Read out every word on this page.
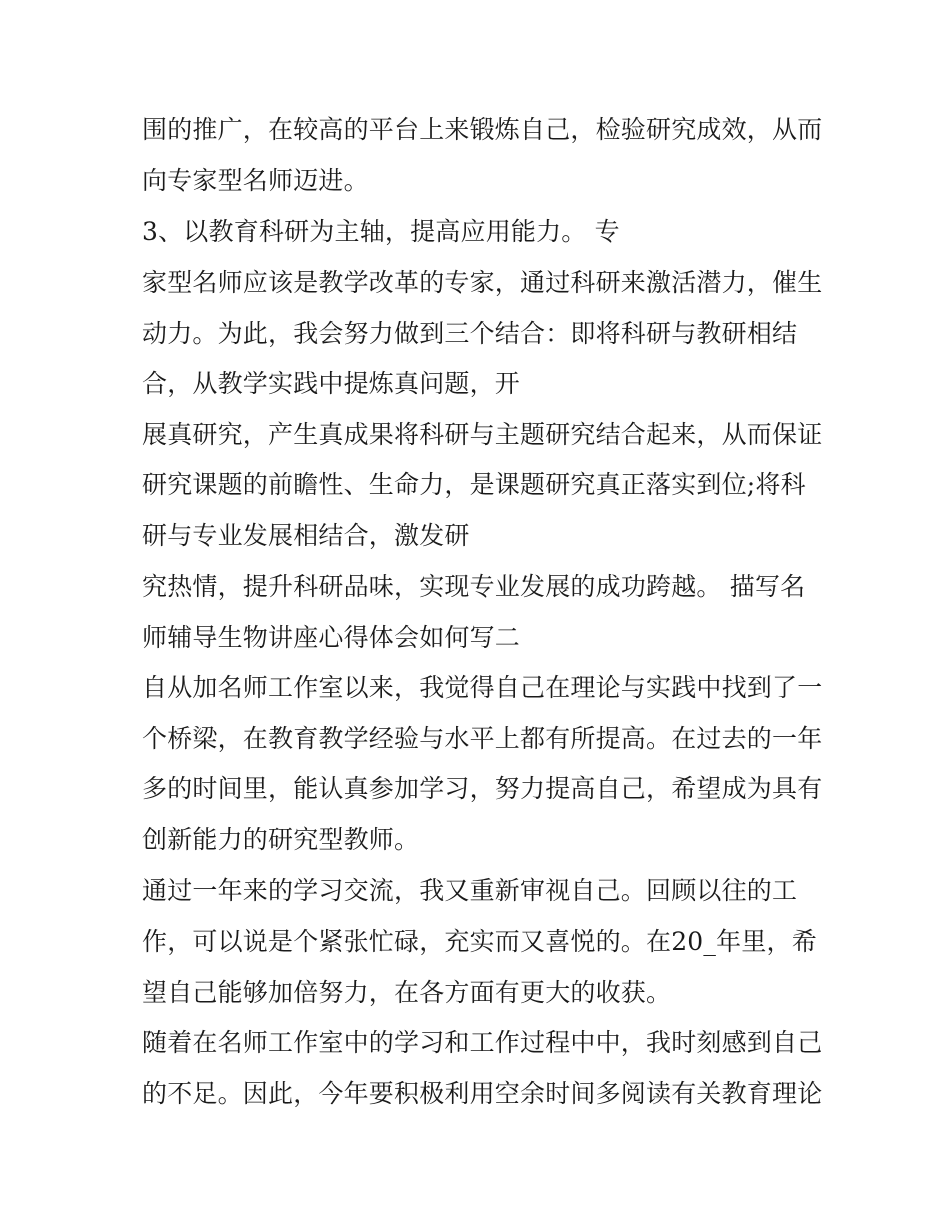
围的推广，在较高的平台上来锻炼自己，检验研究成效，从而
向专家型名师迈进。
3、以教育科研为主轴，提高应用能力。 专
家型名师应该是教学改革的专家，通过科研来激活潜力，催生
动力。为此，我会努力做到三个结合：即将科研与教研相结
合，从教学实践中提炼真问题，开
展真研究，产生真成果将科研与主题研究结合起来，从而保证
研究课题的前瞻性、生命力，是课题研究真正落实到位;将科
研与专业发展相结合，激发研
究热情，提升科研品味，实现专业发展的成功跨越。 描写名
师辅导生物讲座心得体会如何写二
自从加名师工作室以来，我觉得自己在理论与实践中找到了一
个桥梁，在教育教学经验与水平上都有所提高。在过去的一年
多的时间里，能认真参加学习，努力提高自己，希望成为具有
创新能力的研究型教师。
通过一年来的学习交流，我又重新审视自己。回顾以往的工
作，可以说是个紧张忙碌，充实而又喜悦的。在20_年里，希
望自己能够加倍努力，在各方面有更大的收获。
随着在名师工作室中的学习和工作过程中中，我时刻感到自己
的不足。因此，今年要积极利用空余时间多阅读有关教育理论
